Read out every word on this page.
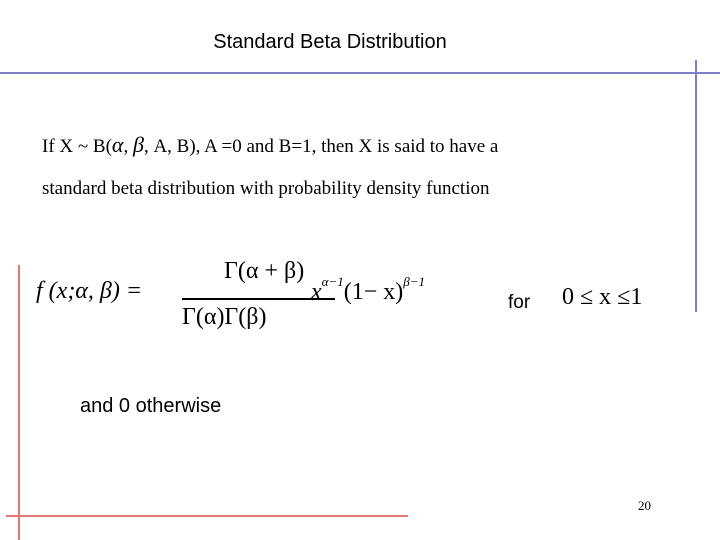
Standard Beta Distribution
If X ~ B(α, β, A, B), A =0 and B=1, then X is said to have a
standard beta distribution with probability density function
f (x;α, β) =
Γ(α + β)
Γ(α)Γ(β)
$x^{\alpha-1}(1- x)^{\beta-1}$
for 0 ≤ x ≤1
and 0 otherwise
20
